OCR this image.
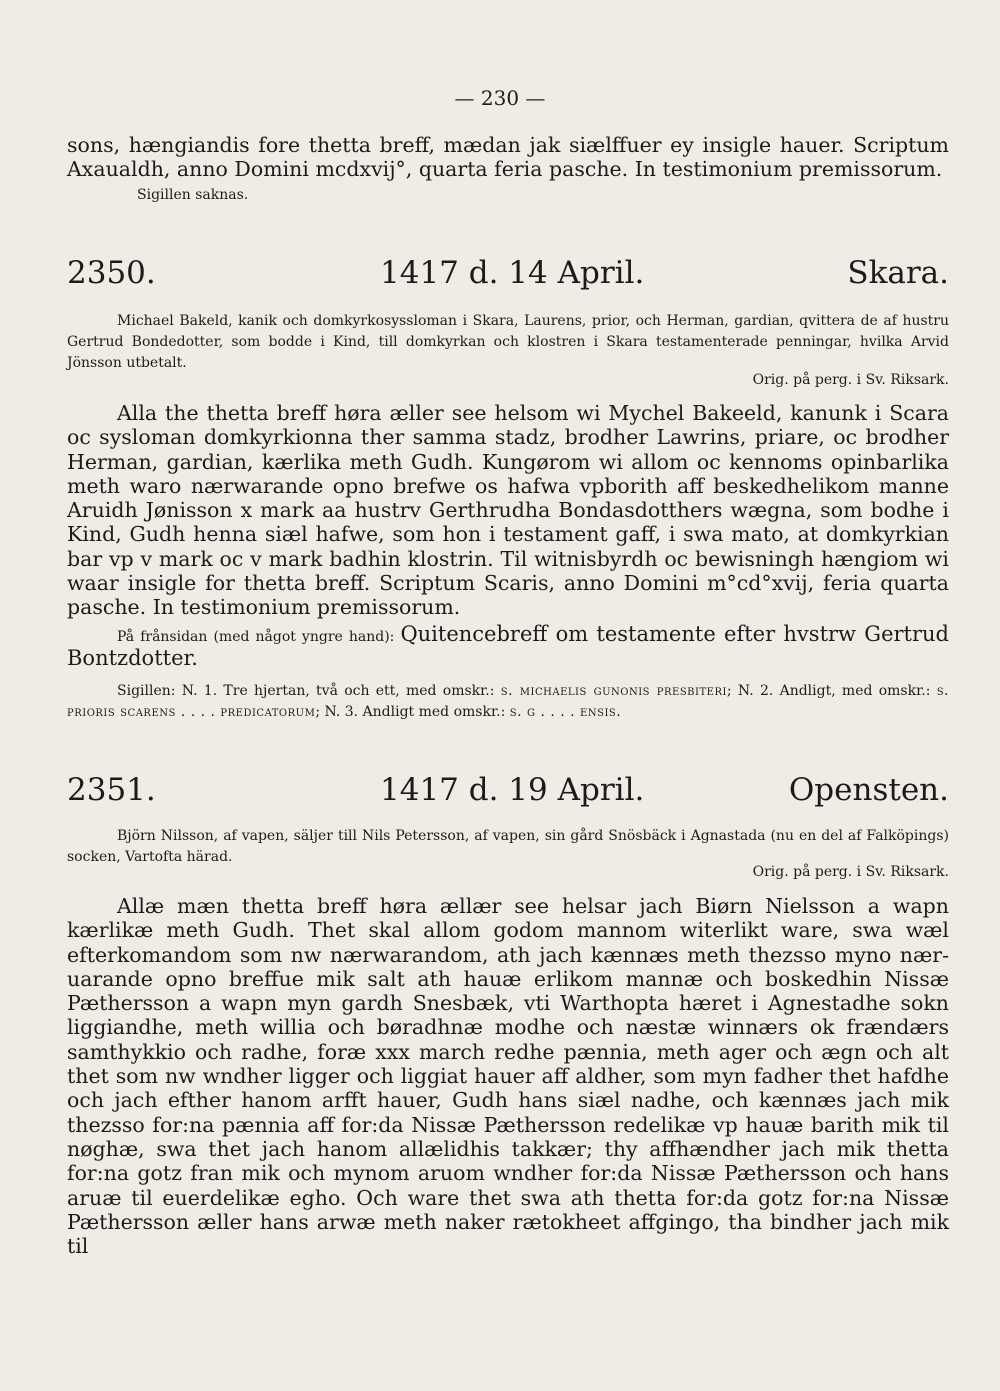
— 230 —

sons, hængiandis fore thetta breff, mædan jak siælffuer ey insigle hauer. Scriptum Axaualdh, anno Domini mcdxvij°, quarta feria pasche. In testimonium premissorum.

Sigillen saknas.

2350.	1417 d. 14 April.	Skara.

Michael Bakeld, kanik och domkyrkosyssloman i Skara, Laurens, prior, och Herman, gardian, qvittera de af hustru Gertrud Bondedotter, som bodde i Kind, till domkyrkan och klostren i Skara testamenterade penningar, hvilka Arvid Jönsson utbetalt.

Orig. på perg. i Sv. Riksark.

Alla the thetta breff høra æller see helsom wi Mychel Bakeeld, kanunk i Scara oc sysloman domkyrkionna ther samma stadz, brodher Lawrins, priare, oc brodher Herman, gardian, kærlika meth Gudh. Kungørom wi allom oc kennoms opinbarlika meth waro nærwarande opno brefwe os hafwa vpborith aff beskedhelikom manne Aruidh Jønisson x mark aa hustrv Gerthrudha Bondasdotthers wægna, som bodhe i Kind, Gudh henna siæl hafwe, som hon i testament gaff, i swa mato, at domkyrkian bar vp v mark oc v mark badhin klostrin. Til witnisbyrdh oc bewisningh hængiom wi waar insigle for thetta breff. Scriptum Scaris, anno Domini m°cd°xvij, feria quarta pasche. In testimonium premissorum.

På frånsidan (med något yngre hand): Quitencebreff om testamente efter hvstrw Gertrud Bontzdotter.

Sigillen: N. 1. Tre hjertan, två och ett, med omskr.: s. michaelis gunonis presbiteri; N. 2. Andligt, med omskr.: s. prioris scarens . . . . predicatorum; N. 3. Andligt med omskr.: s. g . . . . ensis.

2351.	1417 d. 19 April.	Opensten.

Björn Nilsson, af vapen, säljer till Nils Petersson, af vapen, sin gård Snösbäck i Agnastada (nu en del af Falköpings) socken, Vartofta härad.

Orig. på perg. i Sv. Riksark.

Allæ mæn thetta breff høra ællær see helsar jach Biørn Nielsson a wapn kærlikæ meth Gudh. Thet skal allom godom mannom witerlikt ware, swa wæl efterkomandom som nw nærwarandom, ath jach kænnæs meth thezsso myno nær-uarande opno breffue mik salt ath hauæ erlikom mannæ och boskedhin Nissæ Pæthersson a wapn myn gardh Snesbæk, vti Warthopta hæret i Agnestadhe sokn liggiandhe, meth willia och børadhnæ modhe och næstæ winnærs ok frændærs samthykkio och radhe, foræ xxx march redhe pænnia, meth ager och ægn och alt thet som nw wndher ligger och liggiat hauer aff aldher, som myn fadher thet hafdhe och jach efther hanom arfft hauer, Gudh hans siæl nadhe, och kænnæs jach mik thezsso for:na pænnia aff for:da Nissæ Pæthersson redelikæ vp hauæ barith mik til nøghæ, swa thet jach hanom allælidhis takkær; thy affhændher jach mik thetta for:na gotz fran mik och mynom aruom wndher for:da Nissæ Pæthersson och hans aruæ til euerdelikæ egho. Och ware thet swa ath thetta for:da gotz for:na Nissæ Pæthersson æller hans arwæ meth naker rætokheet affgingo, tha bindher jach mik til
